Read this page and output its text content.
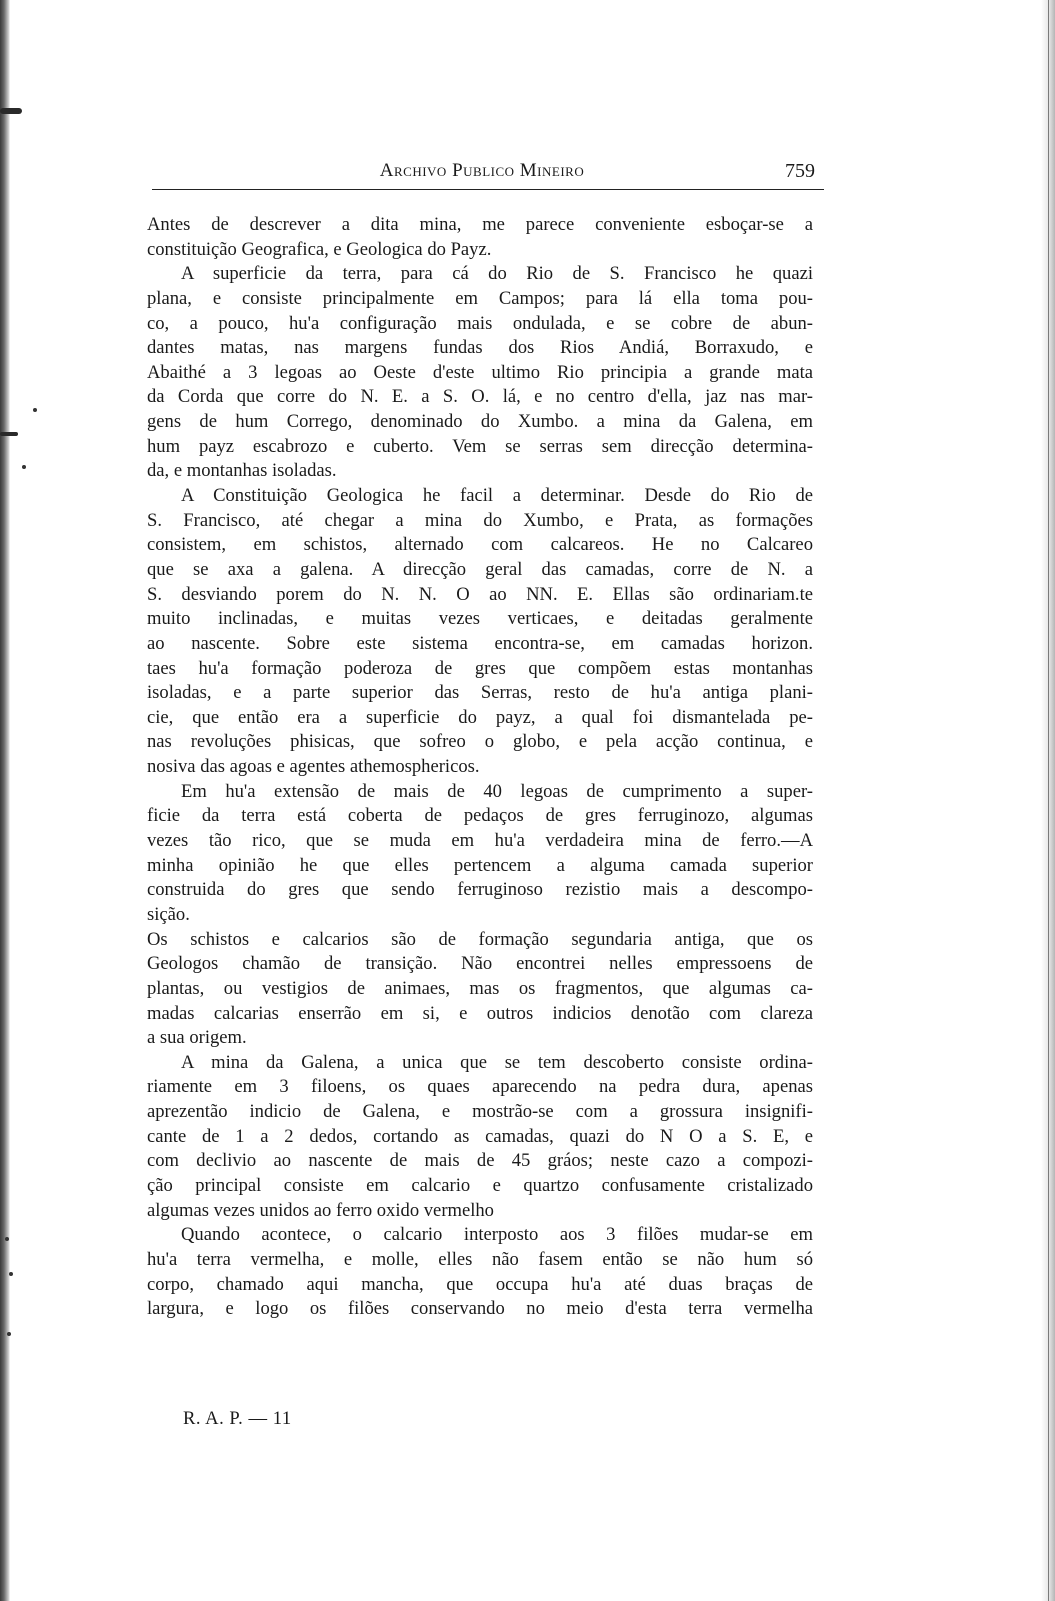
Archivo Publico Mineiro	759
Antes de descrever a dita mina, me parece conveniente esboçar-se a
constituição Geografica, e Geologica do Payz.
A superficie da terra, para cá do Rio de S. Francisco he quazi
plana, e consiste principalmente em Campos; para lá ella toma pou-
co, a pouco, hu'a configuração mais ondulada, e se cobre de abun-
dantes matas, nas margens fundas dos Rios Andiá, Borraxudo, e
Abaithé a 3 legoas ao Oeste d'este ultimo Rio principia a grande mata
da Corda que corre do N. E. a S. O. lá, e no centro d'ella, jaz nas mar-
gens de hum Corrego, denominado do Xumbo. a mina da Galena, em
hum payz escabrozo e cuberto. Vem se serras sem direcção determina-
da, e montanhas isoladas.
A Constituição Geologica he facil a determinar. Desde do Rio de
S. Francisco, até chegar a mina do Xumbo, e Prata, as formações
consistem, em schistos, alternado com calcareos. He no Calcareo
que se axa a galena. A direcção geral das camadas, corre de N. a
S. desviando porem do N. N. O ao NN. E. Ellas são ordinariam.te
muito inclinadas, e muitas vezes verticaes, e deitadas geralmente
ao nascente. Sobre este sistema encontra-se, em camadas horizon.
taes hu'a formação poderoza de gres que compõem estas montanhas
isoladas, e a parte superior das Serras, resto de hu'a antiga plani-
cie, que então era a superficie do payz, a qual foi dismantelada pe-
nas revoluções phisicas, que sofreo o globo, e pela acção continua, e
nosiva das agoas e agentes athemosphericos.
Em hu'a extensão de mais de 40 legoas de cumprimento a super-
ficie da terra está coberta de pedaços de gres ferruginozo, algumas
vezes tão rico, que se muda em hu'a verdadeira mina de ferro.—A
minha opinião he que elles pertencem a alguma camada superior
construida do gres que sendo ferruginoso rezistio mais a descompo-
sição.
Os schistos e calcarios são de formação segundaria antiga, que os
Geologos chamão de transição. Não encontrei nelles empressoens de
plantas, ou vestigios de animaes, mas os fragmentos, que algumas ca-
madas calcarias enserrão em si, e outros indicios denotão com clareza
a sua origem.
A mina da Galena, a unica que se tem descoberto consiste ordina-
riamente em 3 filoens, os quaes aparecendo na pedra dura, apenas
aprezentão indicio de Galena, e mostrão-se com a grossura insignifi-
cante de 1 a 2 dedos, cortando as camadas, quazi do N O a S. E, e
com declivio ao nascente de mais de 45 gráos; neste cazo a compozi-
ção principal consiste em calcario e quartzo confusamente cristalizado
algumas vezes unidos ao ferro oxido vermelho
Quando acontece, o calcario interposto aos 3 filões mudar-se em
hu'a terra vermelha, e molle, elles não fasem então se não hum só
corpo, chamado aqui mancha, que occupa hu'a até duas braças de
largura, e logo os filões conservando no meio d'esta terra vermelha
R. A. P. — 11
